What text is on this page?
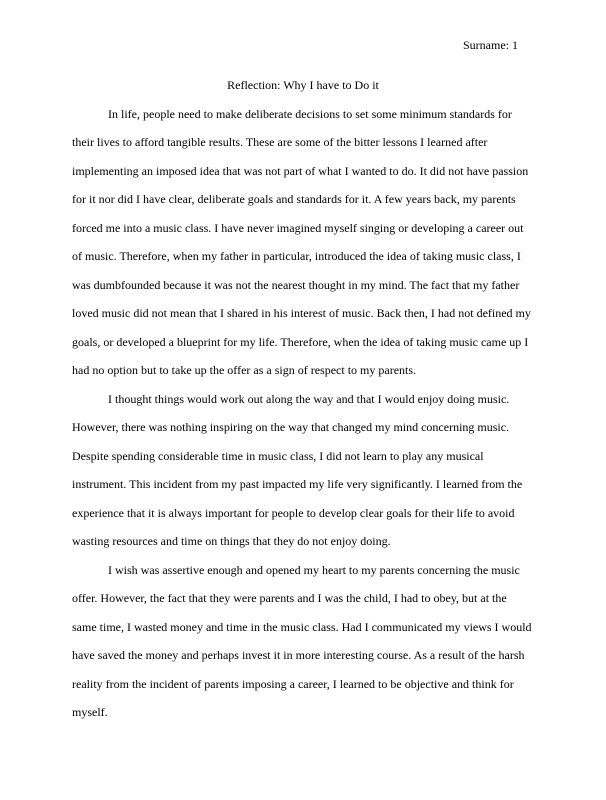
Surname: 1

Reflection: Why I have to Do it

In life, people need to make deliberate decisions to set some minimum standards for their lives to afford tangible results. These are some of the bitter lessons I learned after implementing an imposed idea that was not part of what I wanted to do. It did not have passion for it nor did I have clear, deliberate goals and standards for it. A few years back, my parents forced me into a music class. I have never imagined myself singing or developing a career out of music. Therefore, when my father in particular, introduced the idea of taking music class, I was dumbfounded because it was not the nearest thought in my mind. The fact that my father loved music did not mean that I shared in his interest of music. Back then, I had not defined my goals, or developed a blueprint for my life. Therefore, when the idea of taking music came up I had no option but to take up the offer as a sign of respect to my parents.

I thought things would work out along the way and that I would enjoy doing music. However, there was nothing inspiring on the way that changed my mind concerning music. Despite spending considerable time in music class, I did not learn to play any musical instrument. This incident from my past impacted my life very significantly. I learned from the experience that it is always important for people to develop clear goals for their life to avoid wasting resources and time on things that they do not enjoy doing.

I wish was assertive enough and opened my heart to my parents concerning the music offer. However, the fact that they were parents and I was the child, I had to obey, but at the same time, I wasted money and time in the music class. Had I communicated my views I would have saved the money and perhaps invest it in more interesting course. As a result of the harsh reality from the incident of parents imposing a career, I learned to be objective and think for myself.
